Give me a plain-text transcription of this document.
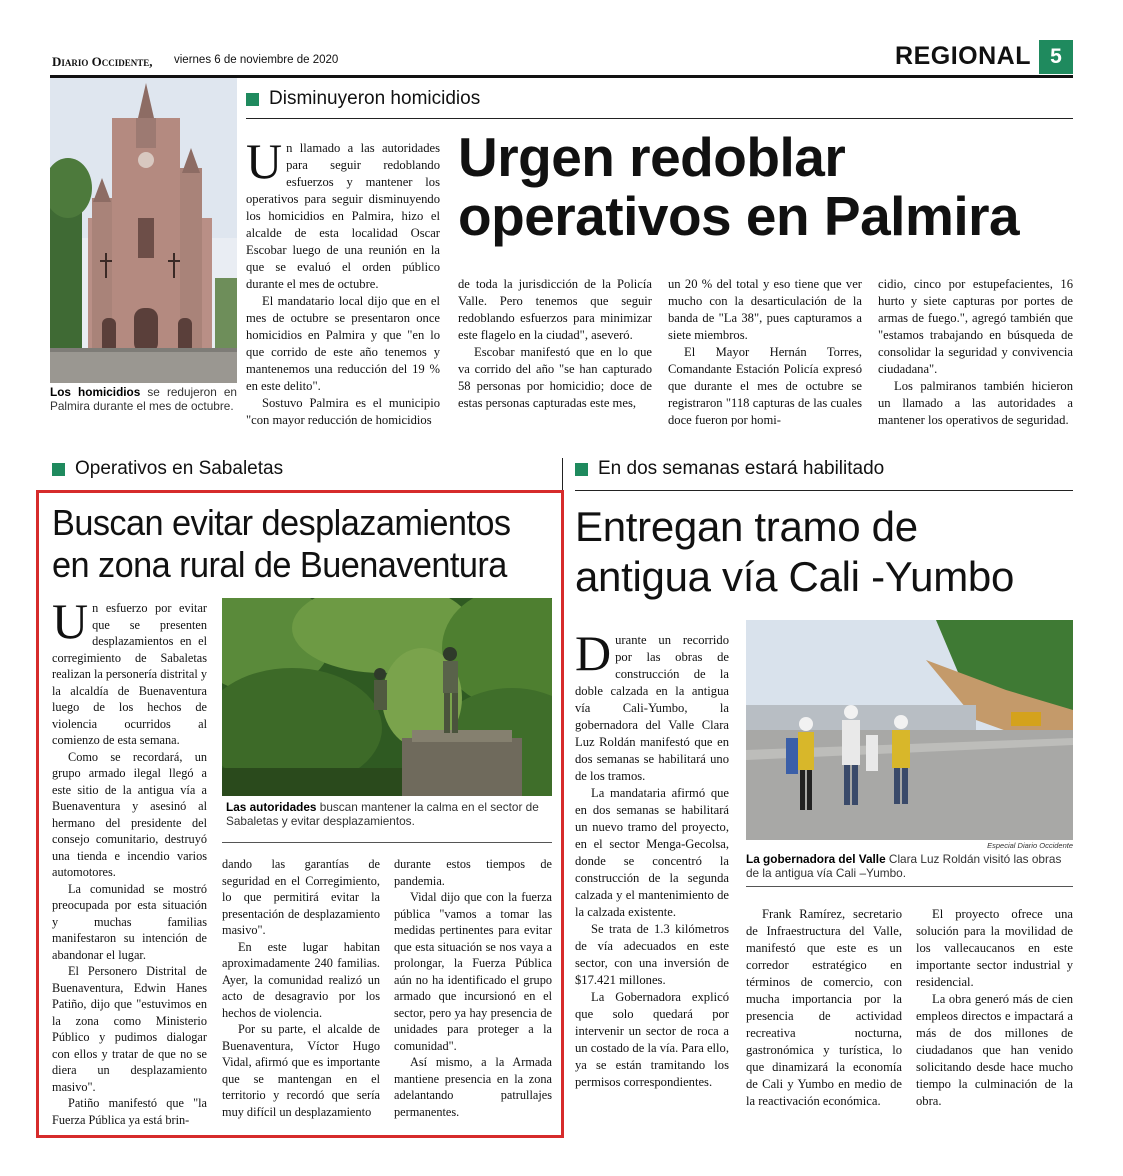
Diario Occidente, viernes 6 de noviembre de 2020	REGIONAL 5
Los homicidios se redujeron en Palmira durante el mes de octubre.
Disminuyeron homicidios
Urgen redoblar
operativos en Palmira

Un llamado a las autoridades para seguir redoblando esfuerzos y mantener los operativos para seguir disminuyendo los homicidios en Palmira, hizo el alcalde de esta localidad Oscar Escobar luego de una reunión en la que se evaluó el orden público durante el mes de octubre.

El mandatario local dijo que en el mes de octubre se presentaron once homicidios en Palmira y que "en lo que corrido de este año tenemos y mantenemos una reducción del 19 % en este delito".

Sostuvo Palmira es el municipio "con mayor reducción de homicidios

de toda la jurisdicción de la Policía Valle. Pero tenemos que seguir redoblando esfuerzos para minimizar este flagelo en la ciudad", aseveró.

Escobar manifestó que en lo que va corrido del año "se han capturado 58 personas por homicidio; doce de estas personas capturadas este mes,

un 20 % del total y eso tiene que ver mucho con la desarticulación de la banda de "La 38", pues capturamos a siete miembros.

El Mayor Hernán Torres, Comandante Estación Policía expresó que durante el mes de octubre se registraron "118 capturas de las cuales doce fueron por homi-

cidio, cinco por estupefacientes, 16 hurto y siete capturas por portes de armas de fuego.", agregó también que "estamos trabajando en búsqueda de consolidar la seguridad y convivencia ciudadana".

Los palmiranos también hicieron un llamado a las autoridades a mantener los operativos de seguridad.

Operativos en Sabaletas
Buscan evitar desplazamientos
en zona rural de Buenaventura
Las autoridades buscan mantener la calma en el sector de Sabaletas y evitar desplazamientos.

Un esfuerzo por evitar que se presenten desplazamientos en el corregimiento de Sabaletas realizan la personería distrital y la alcaldía de Buenaventura luego de los hechos de violencia ocurridos al comienzo de esta semana.

Como se recordará, un grupo armado ilegal llegó a este sitio de la antigua vía a Buenaventura y asesinó al hermano del presidente del consejo comunitario, destruyó una tienda e incendio varios automotores.

La comunidad se mostró preocupada por esta situación y muchas familias manifestaron su intención de abandonar el lugar.

El Personero Distrital de Buenaventura, Edwin Hanes Patiño, dijo que "estuvimos en la zona como Ministerio Público y pudimos dialogar con ellos y tratar de que no se diera un desplazamiento masivo".

Patiño manifestó que "la Fuerza Pública ya está brin-

dando las garantías de seguridad en el Corregimiento, lo que permitirá evitar la presentación de desplazamiento masivo".

En este lugar habitan aproximadamente 240 familias. Ayer, la comunidad realizó un acto de desagravio por los hechos de violencia.

Por su parte, el alcalde de Buenaventura, Víctor Hugo Vidal, afirmó que es importante que se mantengan en el territorio y recordó que sería muy difícil un desplazamiento

durante estos tiempos de pandemia.

Vidal dijo que con la fuerza pública "vamos a tomar las medidas pertinentes para evitar que esta situación se nos vaya a prolongar, la Fuerza Pública aún no ha identificado el grupo armado que incursionó en el sector, pero ya hay presencia de unidades para proteger a la comunidad".

Así mismo, a la Armada mantiene presencia en la zona adelantando patrullajes permanentes.

En dos semanas estará habilitado
Entregan tramo de
antigua vía Cali -Yumbo
Especial Diario Occidente
La gobernadora del Valle Clara Luz Roldán visitó las obras de la antigua vía Cali –Yumbo.

Durante un recorrido por las obras de construcción de la doble calzada en la antigua vía Cali-Yumbo, la gobernadora del Valle Clara Luz Roldán manifestó que en dos semanas se habilitará uno de los tramos.

La mandataria afirmó que en dos semanas se habilitará un nuevo tramo del proyecto, en el sector Menga-Gecolsa, donde se concentró la construcción de la segunda calzada y el mantenimiento de la calzada existente.

Se trata de 1.3 kilómetros de vía adecuados en este sector, con una inversión de $17.421 millones.

La Gobernadora explicó que solo quedará por intervenir un sector de roca a un costado de la vía. Para ello, ya se están tramitando los permisos correspondientes.

Frank Ramírez, secretario de Infraestructura del Valle, manifestó que este es un corredor estratégico en términos de comercio, con mucha importancia por la presencia de actividad recreativa nocturna, gastronómica y turística, lo que dinamizará la economía de Cali y Yumbo en medio de la reactivación económica.

El proyecto ofrece una solución para la movilidad de los vallecaucanos en este importante sector industrial y residencial.

La obra generó más de cien empleos directos e impactará a más de dos millones de ciudadanos que han venido solicitando desde hace mucho tiempo la culminación de la obra.
